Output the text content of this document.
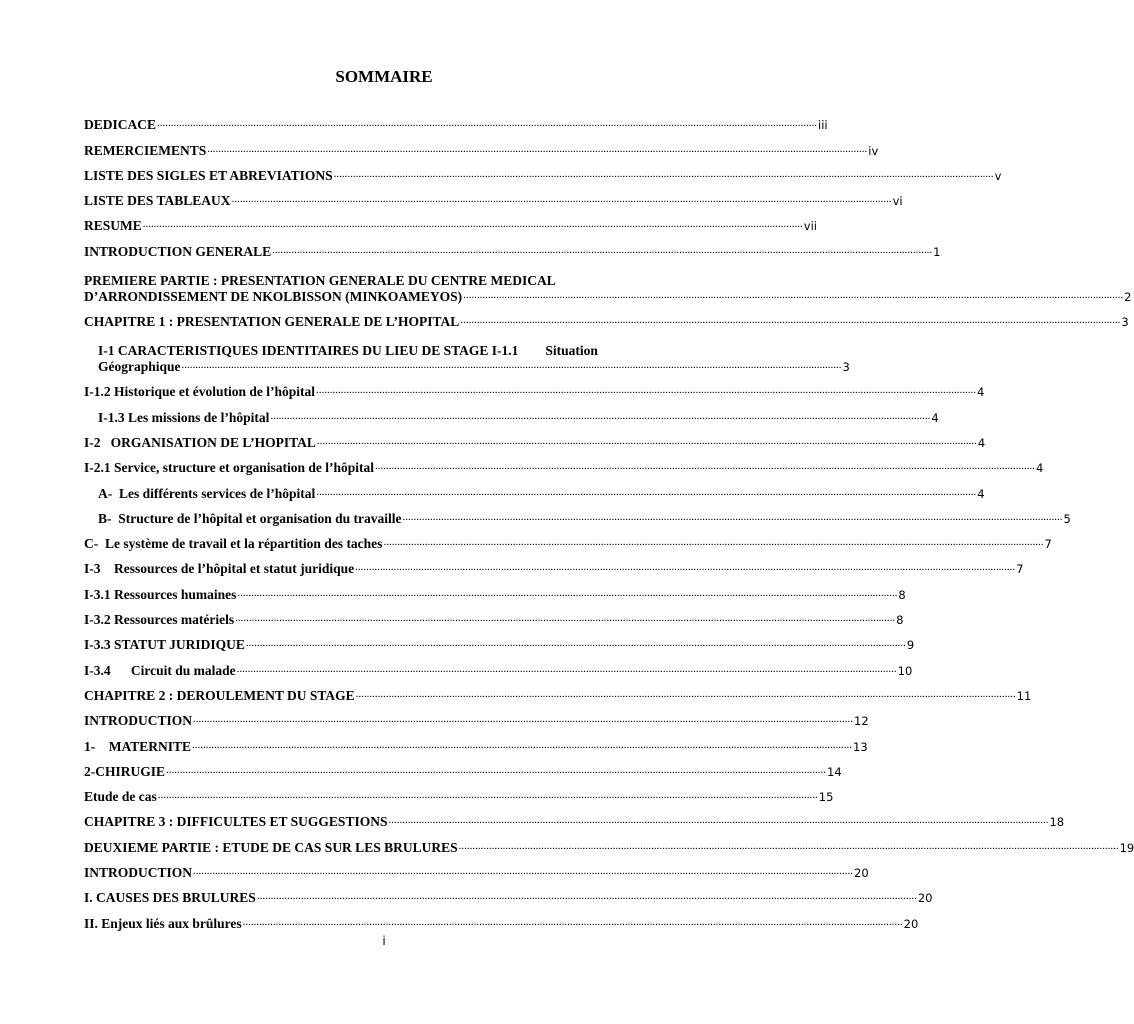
SOMMAIRE
DEDICACE .....	iii
REMERCIEMENTS .....	iv
LISTE DES SIGLES ET ABREVIATIONS .....	v
LISTE DES TABLEAUX .....	vi
RESUME .....	vii
INTRODUCTION GENERALE .....	1
PREMIERE PARTIE : PRESENTATION GENERALE DU CENTRE MEDICAL
D’ARRONDISSEMENT DE NKOLBISSON (MINKOAMEYOS) .....	2
CHAPITRE 1 : PRESENTATION GENERALE DE L’HOPITAL .....	3
I-1 CARACTERISTIQUES IDENTITAIRES DU LIEU DE STAGE I-1.1        Situation
Géographique .....	3
I-1.2 Historique et évolution de l’hôpital .....	4
I-1.3 Les missions de l’hôpital .....	4
I-2   ORGANISATION DE L’HOPITAL .....	4
I-2.1 Service, structure et organisation de l’hôpital .....	4
A-  Les différents services de l’hôpital .....	4
B-  Structure de l’hôpital et organisation du travaille .....	5
C-  Le système de travail et la répartition des taches .....	7
I-3    Ressources de l’hôpital et statut juridique .....	7
I-3.1 Ressources humaines .....	8
I-3.2 Ressources matériels .....	8
I-3.3 STATUT JURIDIQUE .....	9
I-3.4      Circuit du malade .....	10
CHAPITRE 2 : DEROULEMENT DU STAGE .....	11
INTRODUCTION .....	12
1-    MATERNITE .....	13
2-CHIRUGIE .....	14
Etude de cas .....	15
CHAPITRE 3 : DIFFICULTES ET SUGGESTIONS .....	18
DEUXIEME PARTIE : ETUDE DE CAS SUR LES BRULURES .....	19
INTRODUCTION .....	20
I. CAUSES DES BRULURES .....	20
II. Enjeux liés aux brûlures .....	20
i
